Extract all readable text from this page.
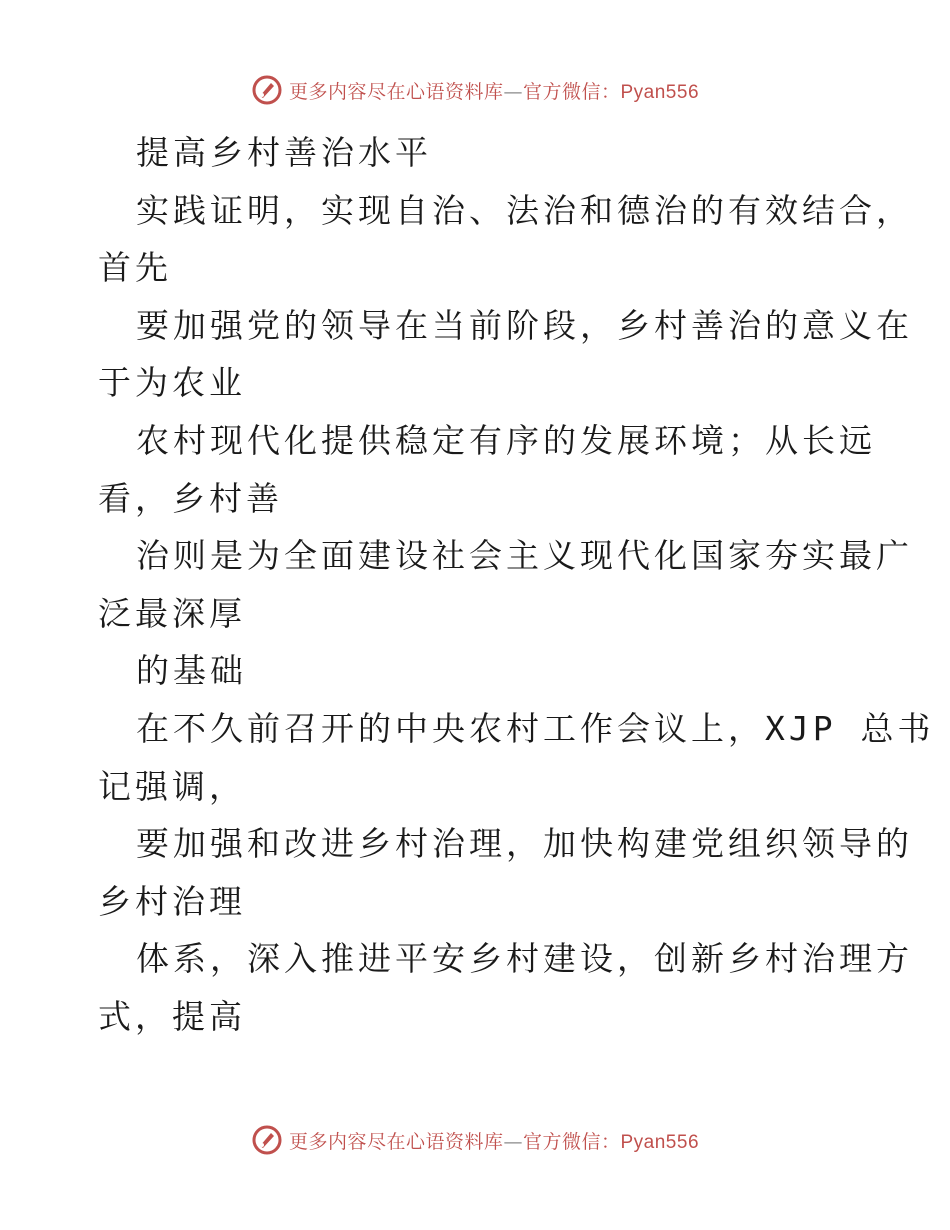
更多内容尽在心语资料库—官方微信：Pyan556
提高乡村善治水平
实践证明，实现自治、法治和德治的有效结合，
首先
要加强党的领导在当前阶段，乡村善治的意义在
于为农业
农村现代化提供稳定有序的发展环境；从长远
看，乡村善
治则是为全面建设社会主义现代化国家夯实最广
泛最深厚
的基础
在不久前召开的中央农村工作会议上，XJP 总书
记强调，
要加强和改进乡村治理，加快构建党组织领导的
乡村治理
体系，深入推进平安乡村建设，创新乡村治理方
式，提高
更多内容尽在心语资料库—官方微信：Pyan556
